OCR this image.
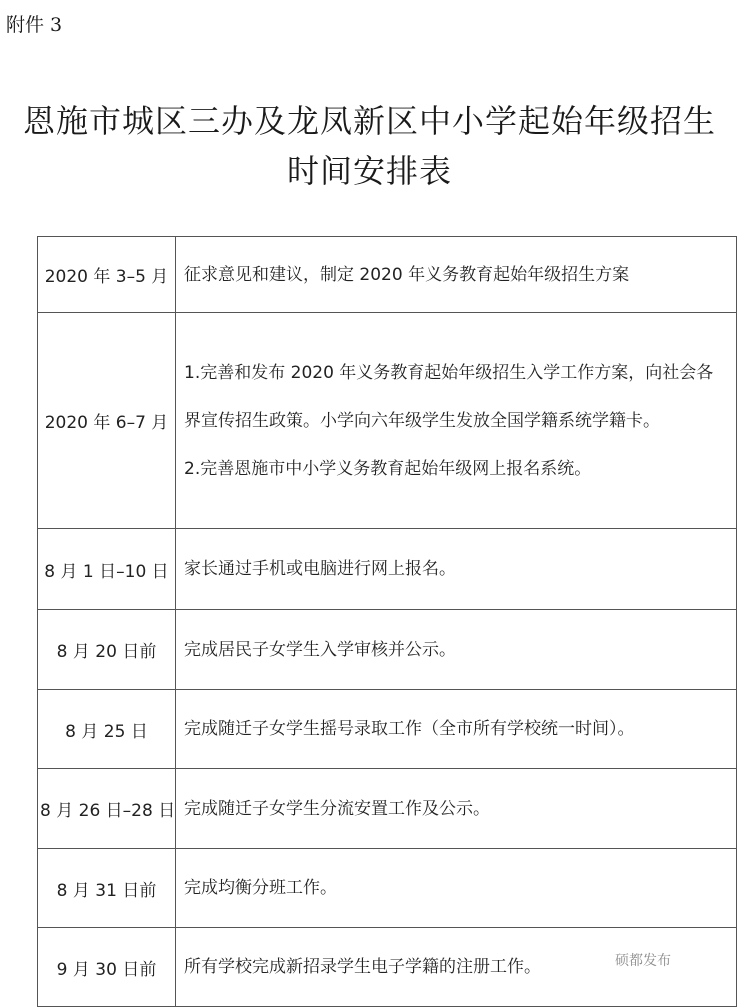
附件 3
恩施市城区三办及龙凤新区中小学起始年级招生
时间安排表
2020 年 3–5 月	征求意见和建议，制定 2020 年义务教育起始年级招生方案

2020 年 6–7 月	1.完善和发布 2020 年义务教育起始年级招生入学工作方案，向社会各界宣传招生政策。小学向六年级学生发放全国学籍系统学籍卡。

2.完善恩施市中小学义务教育起始年级网上报名系统。

8 月 1 日–10 日	家长通过手机或电脑进行网上报名。

8 月 20 日前	完成居民子女学生入学审核并公示。

8 月 25 日	完成随迁子女学生摇号录取工作（全市所有学校统一时间）。

8 月 26 日–28 日	完成随迁子女学生分流安置工作及公示。

8 月 31 日前	完成均衡分班工作。

9 月 30 日前	所有学校完成新招录学生电子学籍的注册工作。	硕都发布
